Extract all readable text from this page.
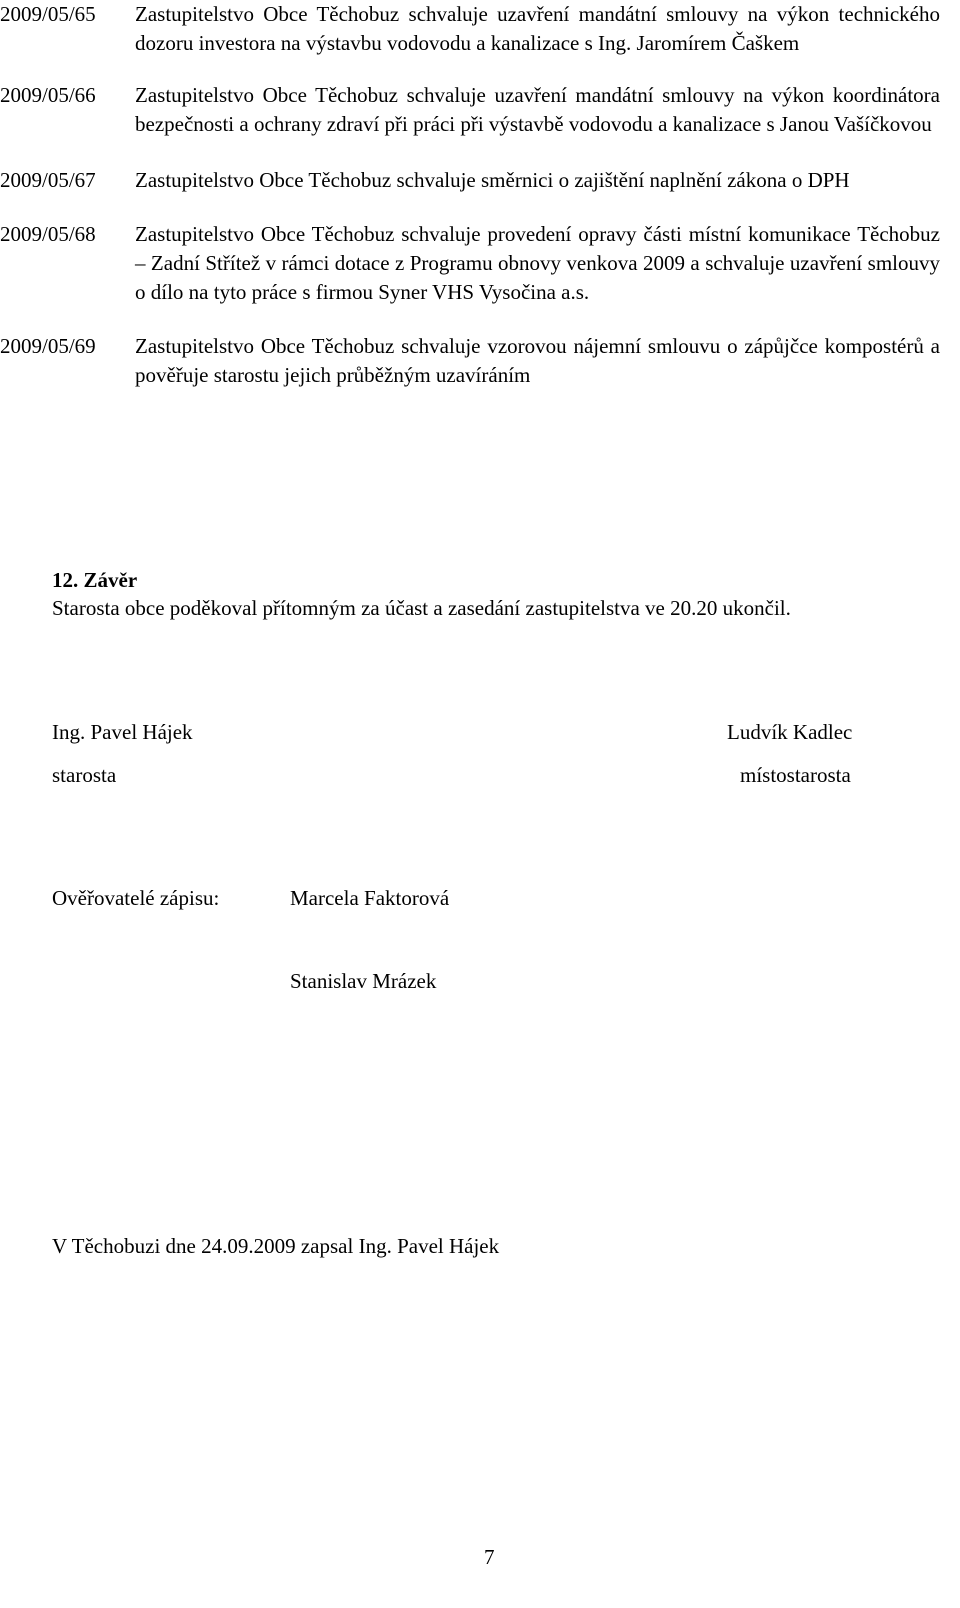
2009/05/65	Zastupitelstvo Obce Těchobuz schvaluje uzavření mandátní smlouvy na výkon technického dozoru investora na výstavbu vodovodu a kanalizace s Ing. Jaromírem Čaškem
2009/05/66	Zastupitelstvo Obce Těchobuz schvaluje uzavření mandátní smlouvy na výkon koordinátora bezpečnosti a ochrany zdraví při práci při výstavbě vodovodu a kanalizace s Janou Vašíčkovou
2009/05/67	Zastupitelstvo Obce Těchobuz schvaluje směrnici o zajištění naplnění zákona o DPH
2009/05/68	Zastupitelstvo Obce Těchobuz schvaluje provedení opravy části místní komunikace Těchobuz – Zadní Střítež v rámci dotace z Programu obnovy venkova 2009 a schvaluje uzavření smlouvy o dílo na tyto práce s firmou Syner VHS Vysočina a.s.
2009/05/69	Zastupitelstvo Obce Těchobuz schvaluje vzorovou nájemní smlouvu o zápůjčce kompostérů a pověřuje starostu jejich průběžným uzavíráním
12. Závěr
Starosta obce poděkoval přítomným za účast a zasedání zastupitelstva ve 20.20 ukončil.
Ing. Pavel Hájek
starosta
Ludvík Kadlec
místostarosta
Ověřovatelé zápisu:	Marcela Faktorová
Stanislav Mrázek
V Těchobuzi dne 24.09.2009 zapsal Ing. Pavel Hájek
7
